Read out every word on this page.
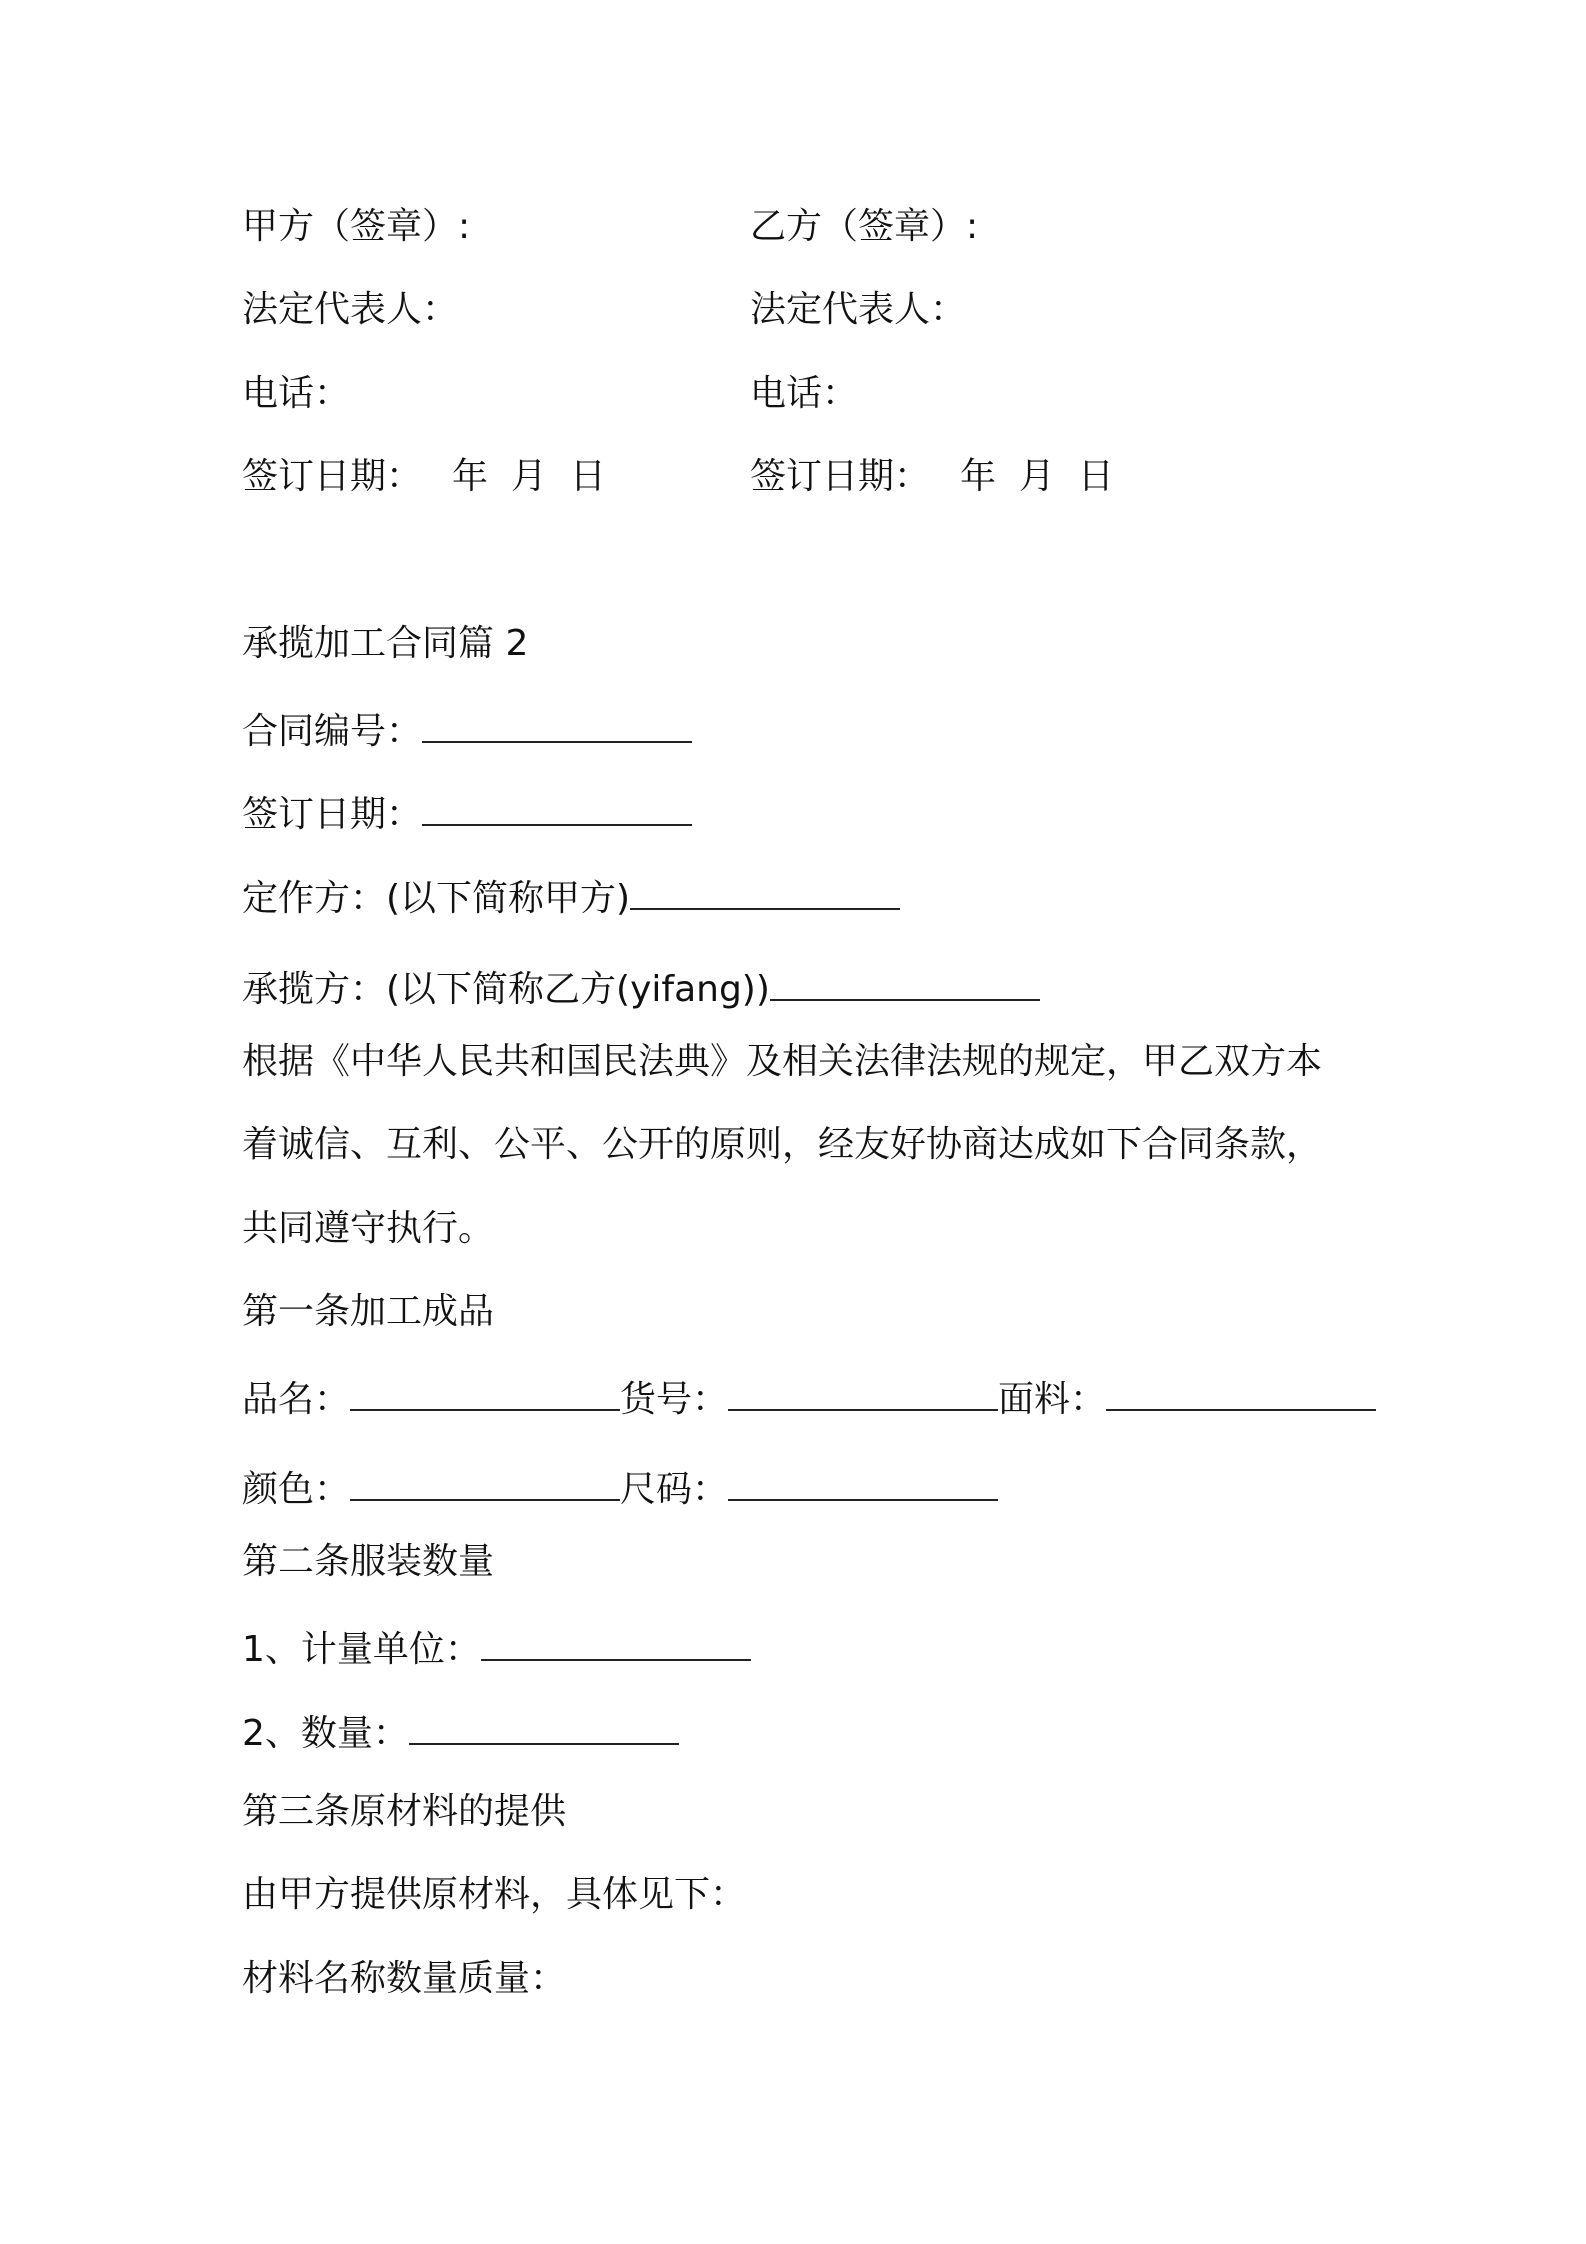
甲方（签章）:	乙方（签章）:
法定代表人：	法定代表人：
电话：	电话：
签订日期： 年 月 日	签订日期： 年 月 日
承揽加工合同篇 2
合同编号：
签订日期：
定作方：(以下简称甲方)
承揽方：(以下简称乙方(yifang))
根据《中华人民共和国民法典》及相关法律法规的规定，甲乙双方本
着诚信、互利、公平、公开的原则，经友好协商达成如下合同条款，
共同遵守执行。
第一条加工成品
品名：	货号：	面料：
颜色：	尺码：
第二条服装数量
1、计量单位：
2、数量：
第三条原材料的提供
由甲方提供原材料，具体见下：
材料名称数量质量：
